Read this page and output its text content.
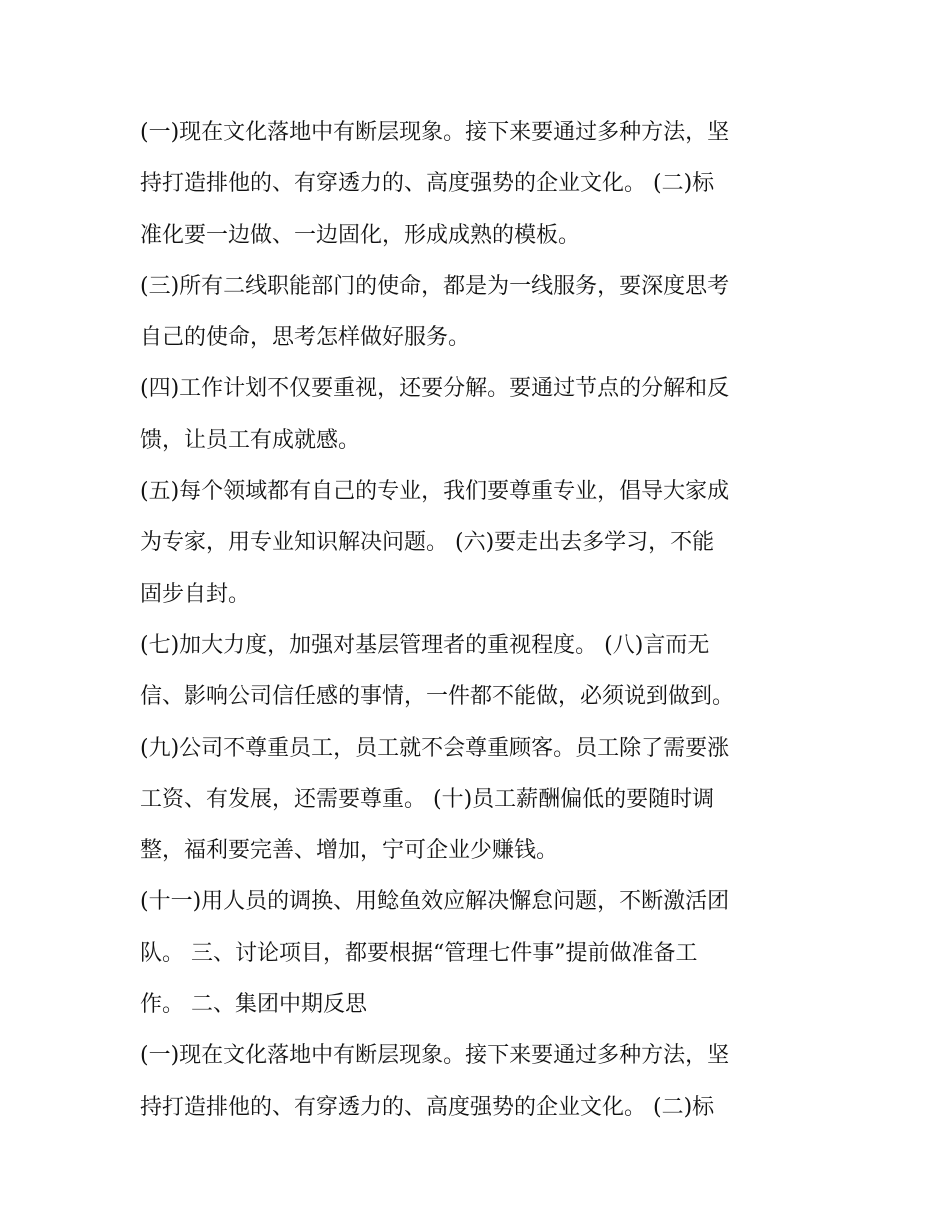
(一)现在文化落地中有断层现象。接下来要通过多种方法，坚
持打造排他的、有穿透力的、高度强势的企业文化。 (二)标
准化要一边做、一边固化，形成成熟的模板。
(三)所有二线职能部门的使命，都是为一线服务，要深度思考
自己的使命，思考怎样做好服务。
(四)工作计划不仅要重视，还要分解。要通过节点的分解和反
馈，让员工有成就感。
(五)每个领域都有自己的专业，我们要尊重专业，倡导大家成
为专家，用专业知识解决问题。 (六)要走出去多学习，不能
固步自封。
(七)加大力度，加强对基层管理者的重视程度。 (八)言而无
信、影响公司信任感的事情，一件都不能做，必须说到做到。
(九)公司不尊重员工，员工就不会尊重顾客。员工除了需要涨
工资、有发展，还需要尊重。 (十)员工薪酬偏低的要随时调
整，福利要完善、增加，宁可企业少赚钱。
(十一)用人员的调换、用鲶鱼效应解决懈怠问题，不断激活团
队。 三、讨论项目，都要根据“管理七件事”提前做准备工
作。 二、集团中期反思
(一)现在文化落地中有断层现象。接下来要通过多种方法，坚
持打造排他的、有穿透力的、高度强势的企业文化。 (二)标
